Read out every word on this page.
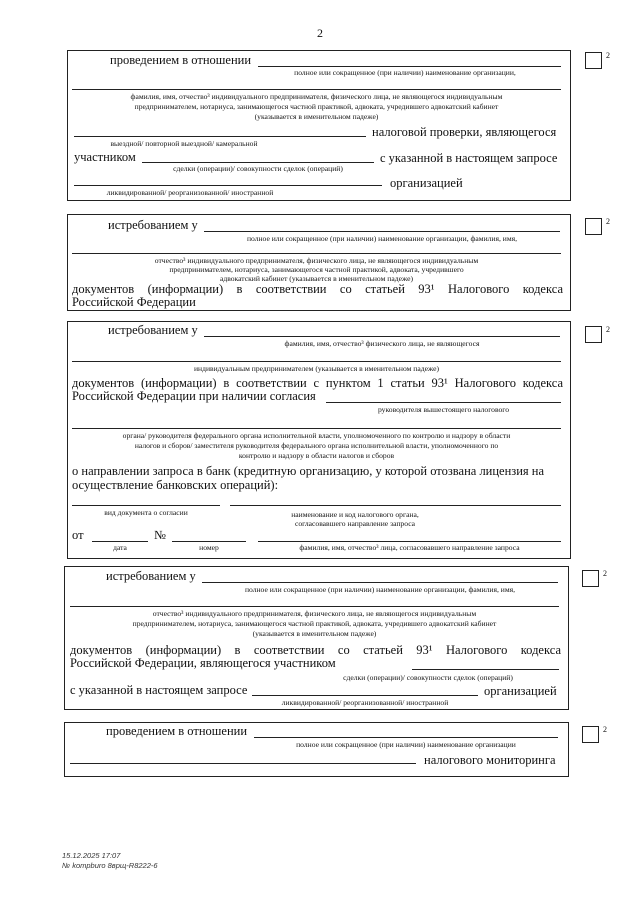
2
2
проведением в отношении
полное или сокращенное (при наличии) наименование организации,
фамилия, имя, отчество³ индивидуального предпринимателя, физического лица, не являющегося индивидуальным
предпринимателем, нотариуса, занимающегося частной практикой, адвоката, учредившего адвокатский кабинет
(указывается в именительном падеже)
налоговой проверки, являющегося
выездной/ повторной выездной/ камеральной
участником	с указанной в настоящем запросе
сделки (операции)/ совокупности сделок (операций)
организацией
ликвидированной/ реорганизованной/ иностранной
2
истребованием у
полное или сокращенное (при наличии) наименование организации, фамилия, имя,
отчество³ индивидуального предпринимателя, физического лица, не являющегося индивидуальным
предпринимателем, нотариуса, занимающегося частной практикой, адвоката, учредившего
адвокатский кабинет (указывается в именительном падеже)
документов (информации) в соответствии со статьей 93¹ Налогового кодекса
Российской Федерации
2
истребованием у
фамилия, имя, отчество³ физического лица, не являющегося
индивидуальным предпринимателем (указывается в именительном падеже)
документов (информации) в соответствии с пунктом 1 статьи 93¹ Налогового кодекса
Российской Федерации при наличии согласия
руководителя вышестоящего налогового
органа/ руководителя федерального органа исполнительной власти, уполномоченного по контролю и надзору в области
налогов и сборов/ заместителя руководителя федерального органа исполнительной власти, уполномоченного по
контролю и надзору в области налогов и сборов
о направлении запроса в банк (кредитную организацию, у которой отозвана лицензия на
осуществление банковских операций):
вид документа о согласии	наименование и код налогового органа,
согласовавшего направление запроса
от	№
дата	номер	фамилия, имя, отчество³ лица, согласовавшего направление запроса
2
истребованием у
полное или сокращенное (при наличии) наименование организации, фамилия, имя,
отчество³ индивидуального предпринимателя, физического лица, не являющегося индивидуальным
предпринимателем, нотариуса, занимающегося частной практикой, адвоката, учредившего адвокатский кабинет
(указывается в именительном падеже)
документов (информации) в соответствии со статьей 93¹ Налогового кодекса
Российской Федерации, являющегося участником
сделки (операции)/ совокупности сделок (операций)
с указанной в настоящем запросе	организацией
ликвидированной/ реорганизованной/ иностранной
2
проведением в отношении
полное или сокращенное (при наличии) наименование организации
налогового мониторинга
15.12.2025 17:07
№ kompburo 8врщ-R8222-6
